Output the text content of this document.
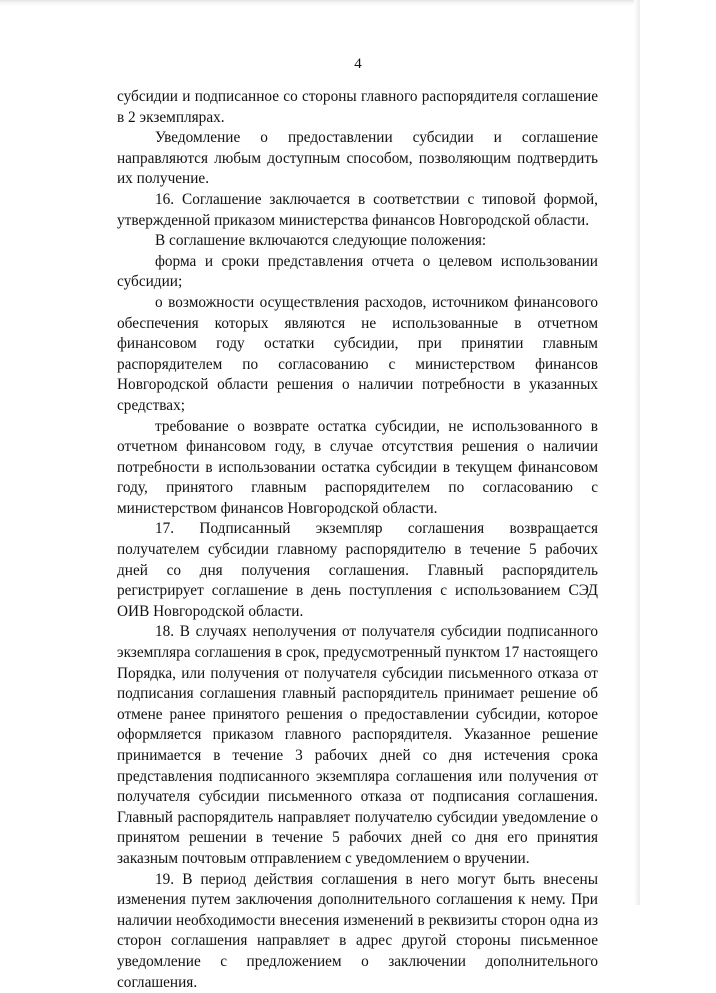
4

субсидии и подписанное со стороны главного распорядителя соглашение в 2 экземплярах.

Уведомление о предоставлении субсидии и соглашение направляются любым доступным способом, позволяющим подтвердить их получение.

16. Соглашение заключается в соответствии с типовой формой, утвержденной приказом министерства финансов Новгородской области.

В соглашение включаются следующие положения:

форма и сроки представления отчета о целевом использовании субсидии;

о возможности осуществления расходов, источником финансового обеспечения которых являются не использованные в отчетном финансовом году остатки субсидии, при принятии главным распорядителем по согласованию с министерством финансов Новгородской области решения о наличии потребности в указанных средствах;

требование о возврате остатка субсидии, не использованного в отчетном финансовом году, в случае отсутствия решения о наличии потребности в использовании остатка субсидии в текущем финансовом году, принятого главным распорядителем по согласованию с министерством финансов Новгородской области.

17. Подписанный экземпляр соглашения возвращается получателем субсидии главному распорядителю в течение 5 рабочих дней со дня получения соглашения. Главный распорядитель регистрирует соглашение в день поступления с использованием СЭД ОИВ Новгородской области.

18. В случаях неполучения от получателя субсидии подписанного экземпляра соглашения в срок, предусмотренный пунктом 17 настоящего Порядка, или получения от получателя субсидии письменного отказа от подписания соглашения главный распорядитель принимает решение об отмене ранее принятого решения о предоставлении субсидии, которое оформляется приказом главного распорядителя. Указанное решение принимается в течение 3 рабочих дней со дня истечения срока представления подписанного экземпляра соглашения или получения от получателя субсидии письменного отказа от подписания соглашения. Главный распорядитель направляет получателю субсидии уведомление о принятом решении в течение 5 рабочих дней со дня его принятия заказным почтовым отправлением с уведомлением о вручении.

19. В период действия соглашения в него могут быть внесены изменения путем заключения дополнительного соглашения к нему. При наличии необходимости внесения изменений в реквизиты сторон одна из сторон соглашения направляет в адрес другой стороны письменное уведомление с предложением о заключении дополнительного соглашения.
